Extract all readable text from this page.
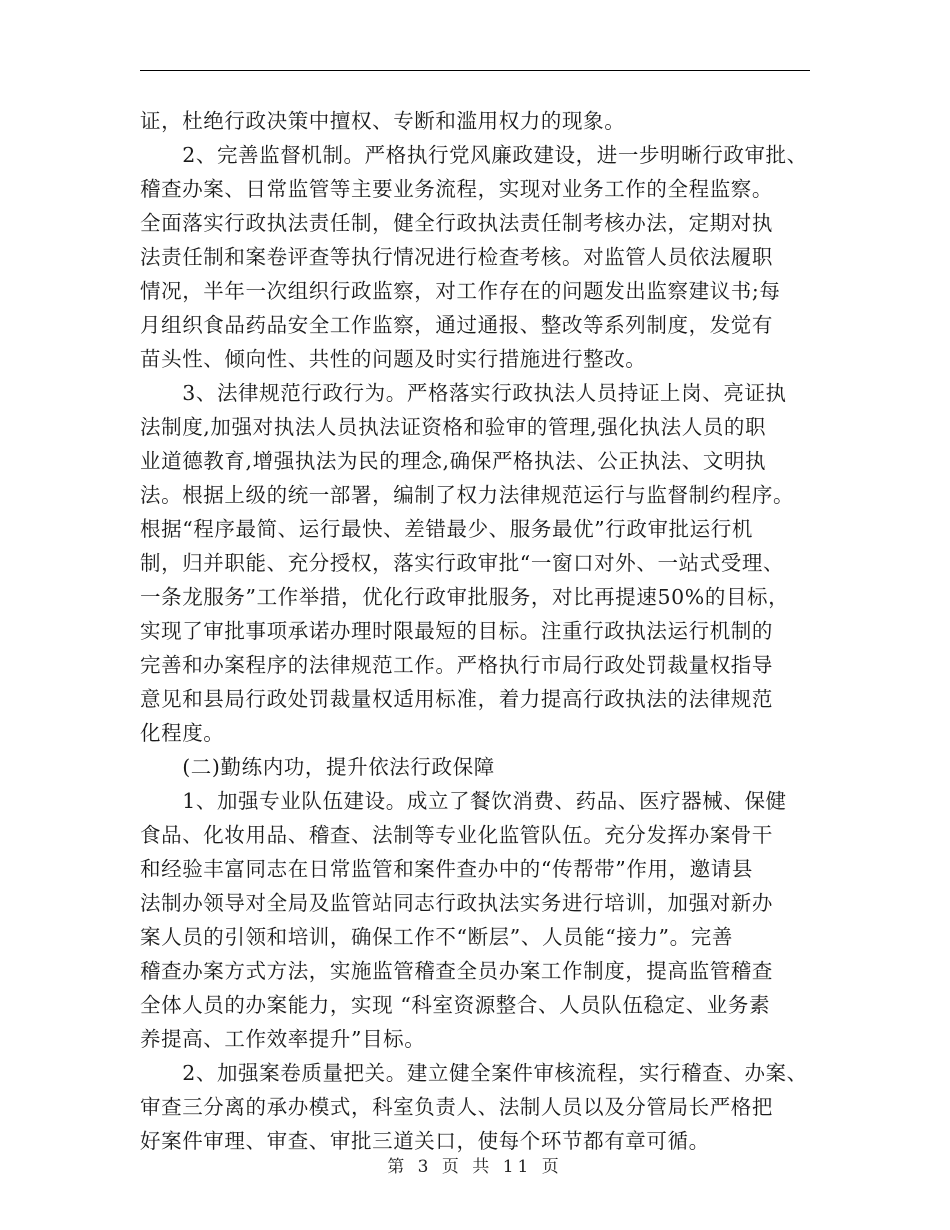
证，杜绝行政决策中擅权、专断和滥用权力的现象。
　　2、完善监督机制。严格执行党风廉政建设，进一步明晰行政审批、
稽查办案、日常监管等主要业务流程，实现对业务工作的全程监察。
全面落实行政执法责任制，健全行政执法责任制考核办法，定期对执
法责任制和案卷评查等执行情况进行检查考核。对监管人员依法履职
情况，半年一次组织行政监察，对工作存在的问题发出监察建议书;每
月组织食品药品安全工作监察，通过通报、整改等系列制度，发觉有
苗头性、倾向性、共性的问题及时实行措施进行整改。
　　3、法律规范行政行为。严格落实行政执法人员持证上岗、亮证执
法制度,加强对执法人员执法证资格和验审的管理,强化执法人员的职
业道德教育,增强执法为民的理念,确保严格执法、公正执法、文明执
法。根据上级的统一部署，编制了权力法律规范运行与监督制约程序。
根据“程序最简、运行最快、差错最少、服务最优”行政审批运行机
制，归并职能、充分授权，落实行政审批“一窗口对外、一站式受理、
一条龙服务”工作举措，优化行政审批服务，对比再提速50%的目标，
实现了审批事项承诺办理时限最短的目标。注重行政执法运行机制的
完善和办案程序的法律规范工作。严格执行市局行政处罚裁量权指导
意见和县局行政处罚裁量权适用标准，着力提高行政执法的法律规范
化程度。
　　(二)勤练内功，提升依法行政保障
　　1、加强专业队伍建设。成立了餐饮消费、药品、医疗器械、保健
食品、化妆用品、稽查、法制等专业化监管队伍。充分发挥办案骨干
和经验丰富同志在日常监管和案件查办中的“传帮带”作用，邀请县
法制办领导对全局及监管站同志行政执法实务进行培训，加强对新办
案人员的引领和培训，确保工作不“断层”、人员能“接力”。完善
稽查办案方式方法，实施监管稽查全员办案工作制度，提高监管稽查
全体人员的办案能力，实现 “科室资源整合、人员队伍稳定、业务素
养提高、工作效率提升”目标。
　　2、加强案卷质量把关。建立健全案件审核流程，实行稽查、办案、
审查三分离的承办模式，科室负责人、法制人员以及分管局长严格把
好案件审理、审查、审批三道关口，使每个环节都有章可循。
第 3 页 共 11 页
